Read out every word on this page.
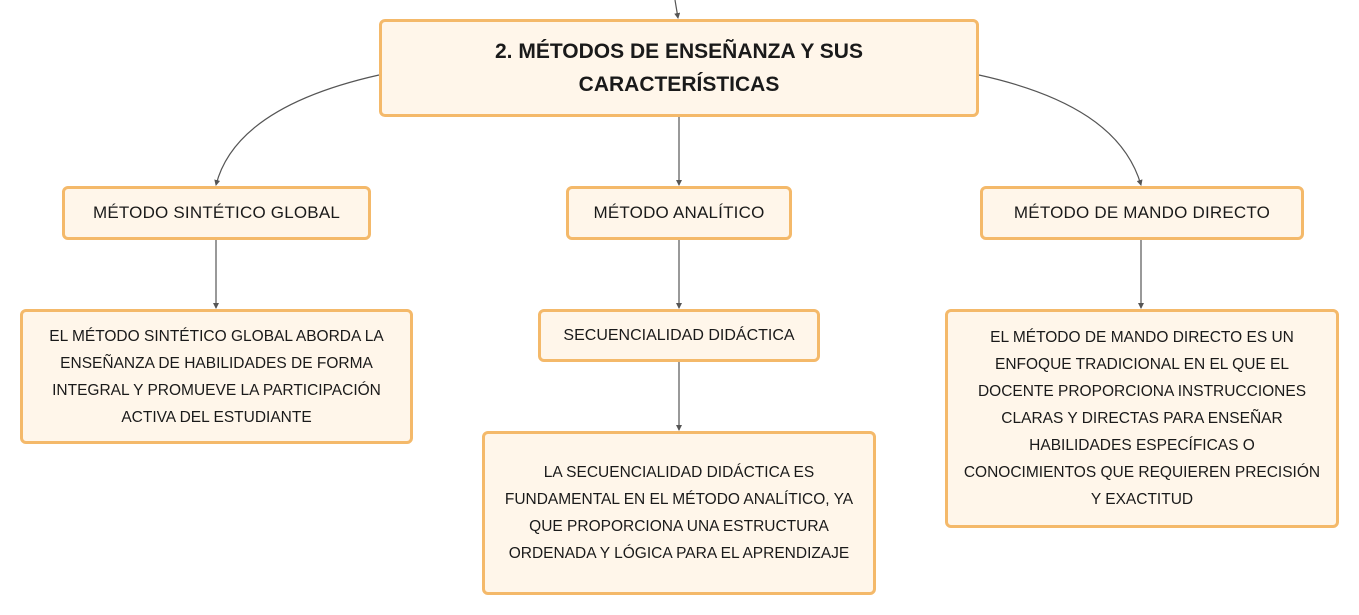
2. MÉTODOS DE ENSEÑANZA Y SUS CARACTERÍSTICAS
MÉTODO SINTÉTICO GLOBAL	MÉTODO ANALÍTICO	MÉTODO DE MANDO DIRECTO
EL MÉTODO SINTÉTICO GLOBAL ABORDA LA ENSEÑANZA DE HABILIDADES DE FORMA INTEGRAL Y PROMUEVE LA PARTICIPACIÓN ACTIVA DEL ESTUDIANTE
SECUENCIALIDAD DIDÁCTICA
LA SECUENCIALIDAD DIDÁCTICA ES FUNDAMENTAL EN EL MÉTODO ANALÍTICO, YA QUE PROPORCIONA UNA ESTRUCTURA ORDENADA Y LÓGICA PARA EL APRENDIZAJE
EL MÉTODO DE MANDO DIRECTO ES UN ENFOQUE TRADICIONAL EN EL QUE EL DOCENTE PROPORCIONA INSTRUCCIONES CLARAS Y DIRECTAS PARA ENSEÑAR HABILIDADES ESPECÍFICAS O CONOCIMIENTOS QUE REQUIEREN PRECISIÓN Y EXACTITUD
